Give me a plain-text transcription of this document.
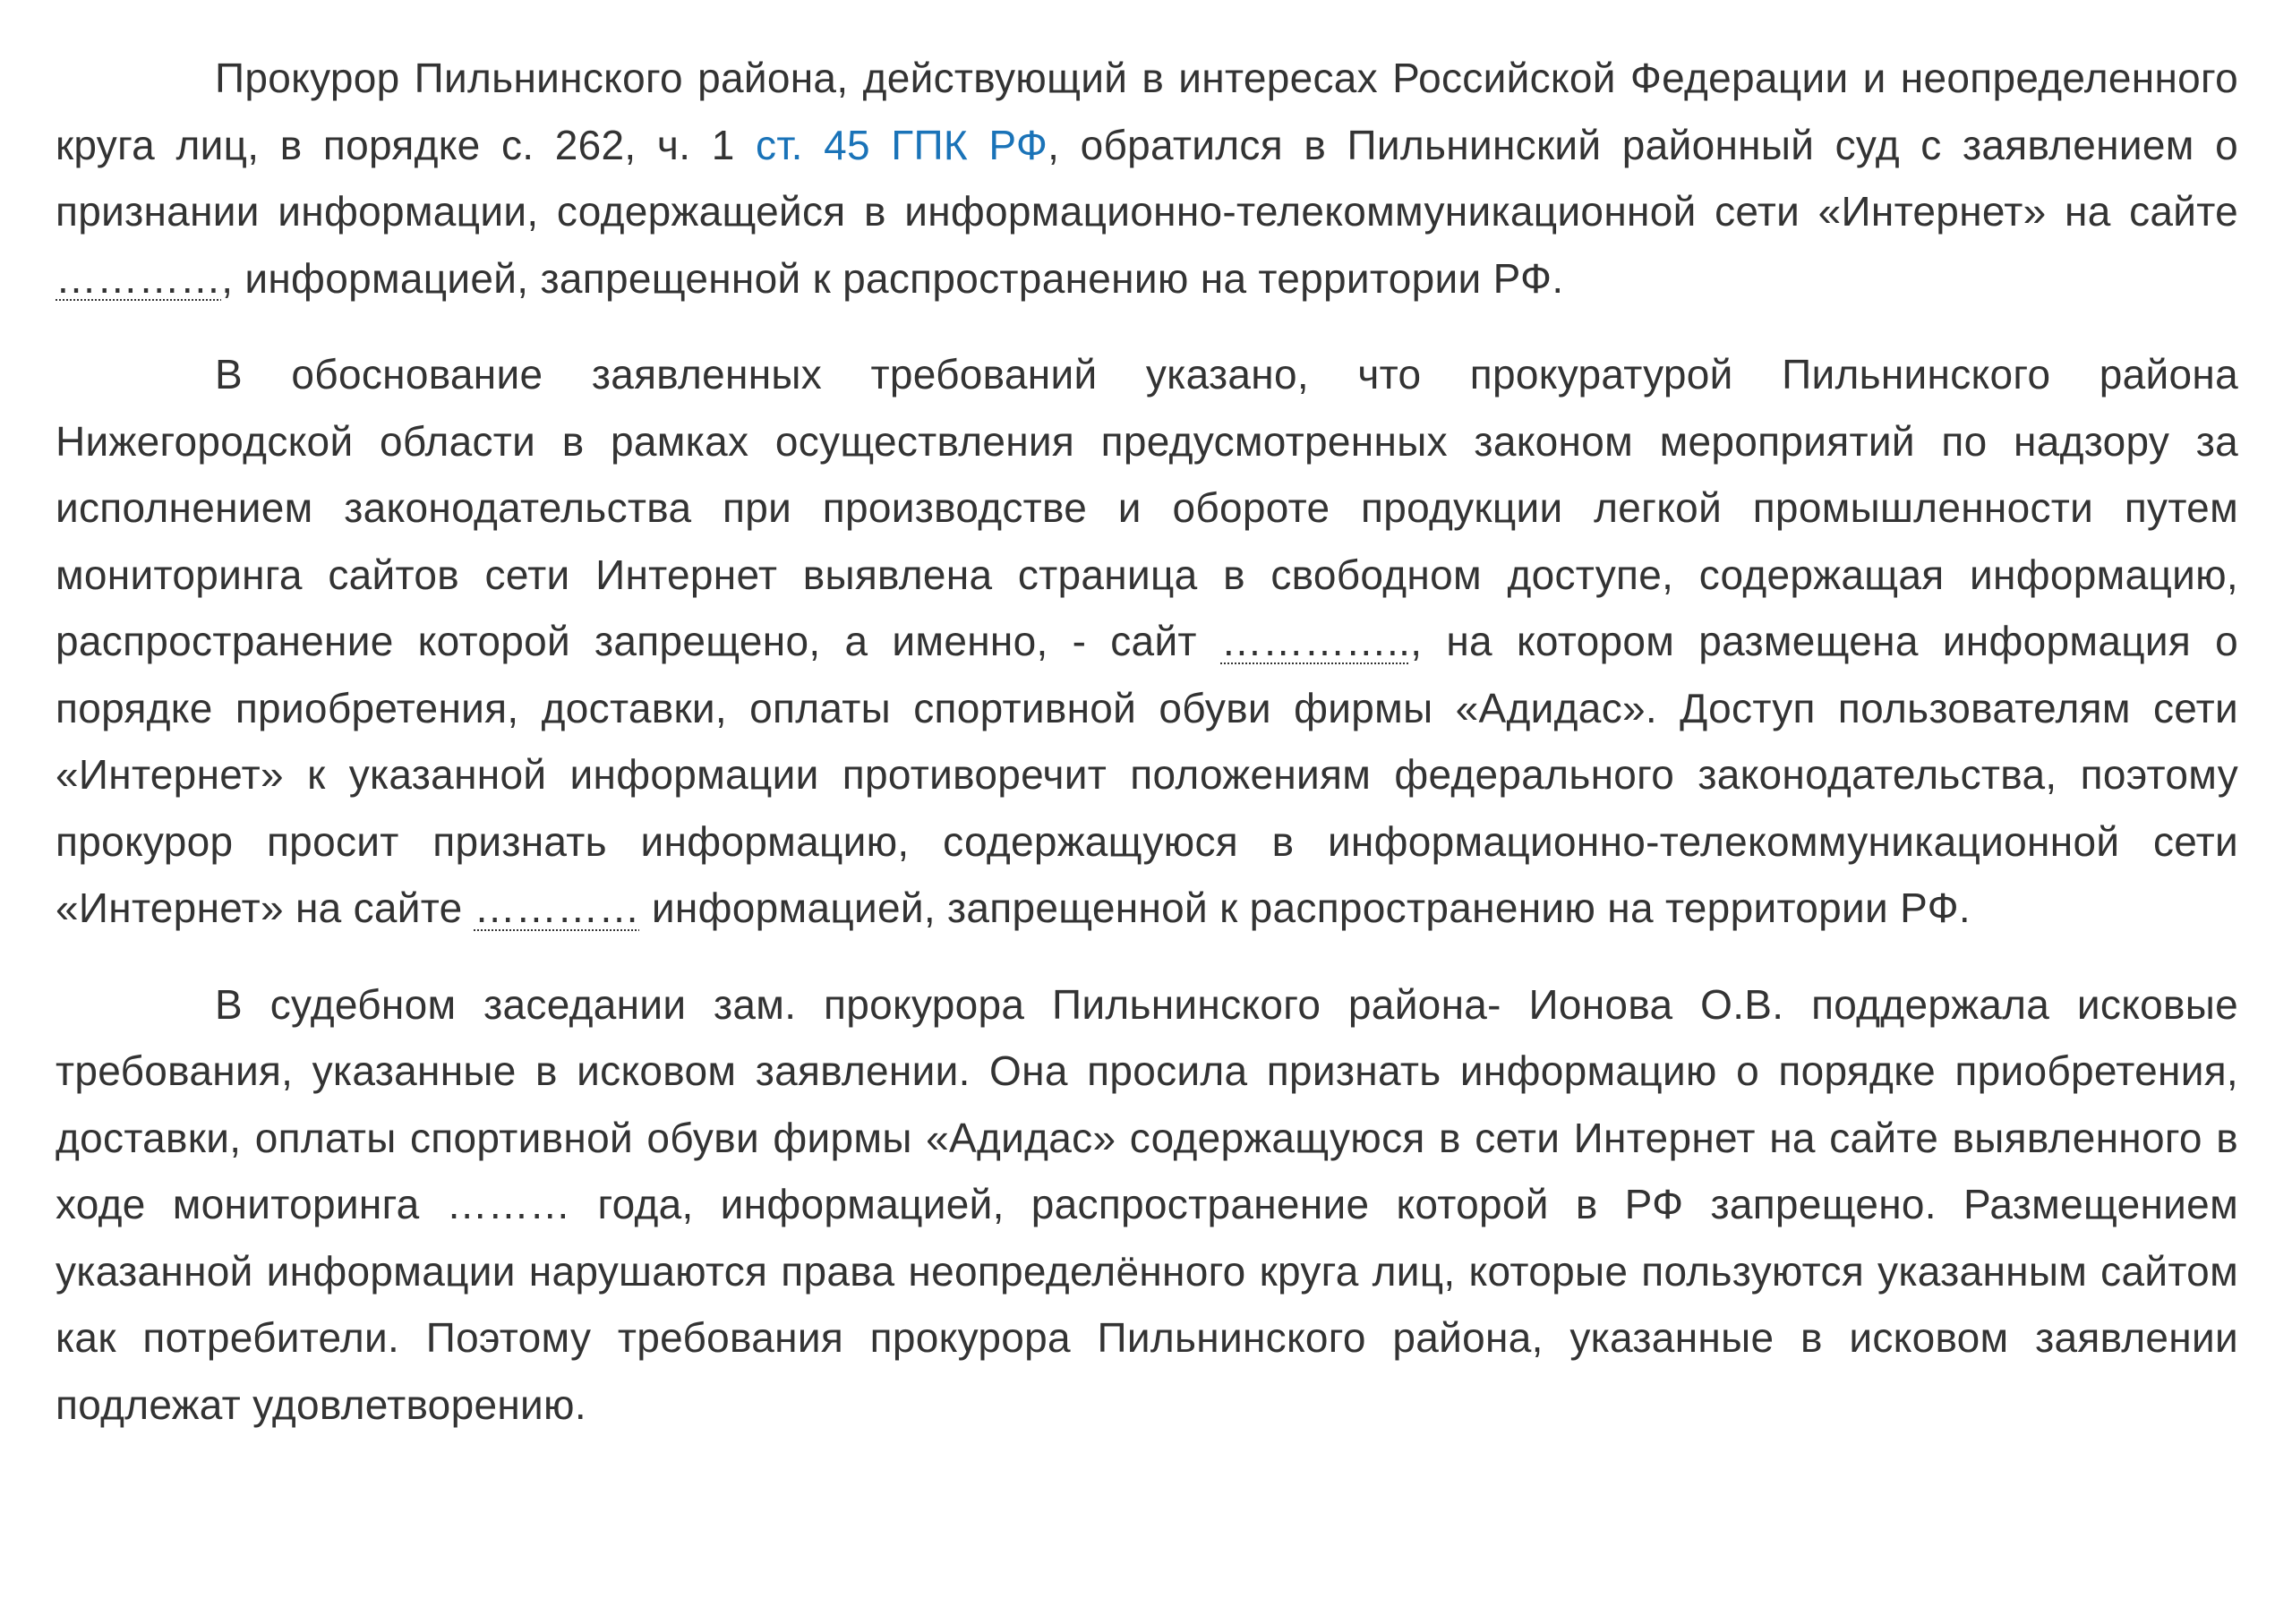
Прокурор Пильнинского района, действующий в интересах Российской Федерации и неопределенного круга лиц, в порядке с. 262, ч. 1 ст. 45 ГПК РФ, обратился в Пильнинский районный суд с заявлением о признании информации, содержащейся в информационно-телекоммуникационной сети «Интернет» на сайте …………, информацией, запрещенной к распространению на территории РФ.

В обоснование заявленных требований указано, что прокуратурой Пильнинского района Нижегородской области в рамках осуществления предусмотренных законом мероприятий по надзору за исполнением законодательства при производстве и обороте продукции легкой промышленности путем мониторинга сайтов сети Интернет выявлена страница в свободном доступе, содержащая информацию, распространение которой запрещено, а именно, - сайт ………….., на котором размещена информация о порядке приобретения, доставки, оплаты спортивной обуви фирмы «Адидас». Доступ пользователям сети «Интернет» к указанной информации противоречит положениям федерального законодательства, поэтому прокурор просит признать информацию, содержащуюся в информационно-телекоммуникационной сети «Интернет» на сайте ………… информацией, запрещенной к распространению на территории РФ.

В судебном заседании зам. прокурора Пильнинского района- Ионова О.В. поддержала исковые требования, указанные в исковом заявлении. Она просила признать информацию о порядке приобретения, доставки, оплаты спортивной обуви фирмы «Адидас» содержащуюся в сети Интернет на сайте выявленного в ходе мониторинга ……… года, информацией, распространение которой в РФ запрещено. Размещением указанной информации нарушаются права неопределённого круга лиц, которые пользуются указанным сайтом как потребители. Поэтому требования прокурора Пильнинского района, указанные в исковом заявлении подлежат удовлетворению.
